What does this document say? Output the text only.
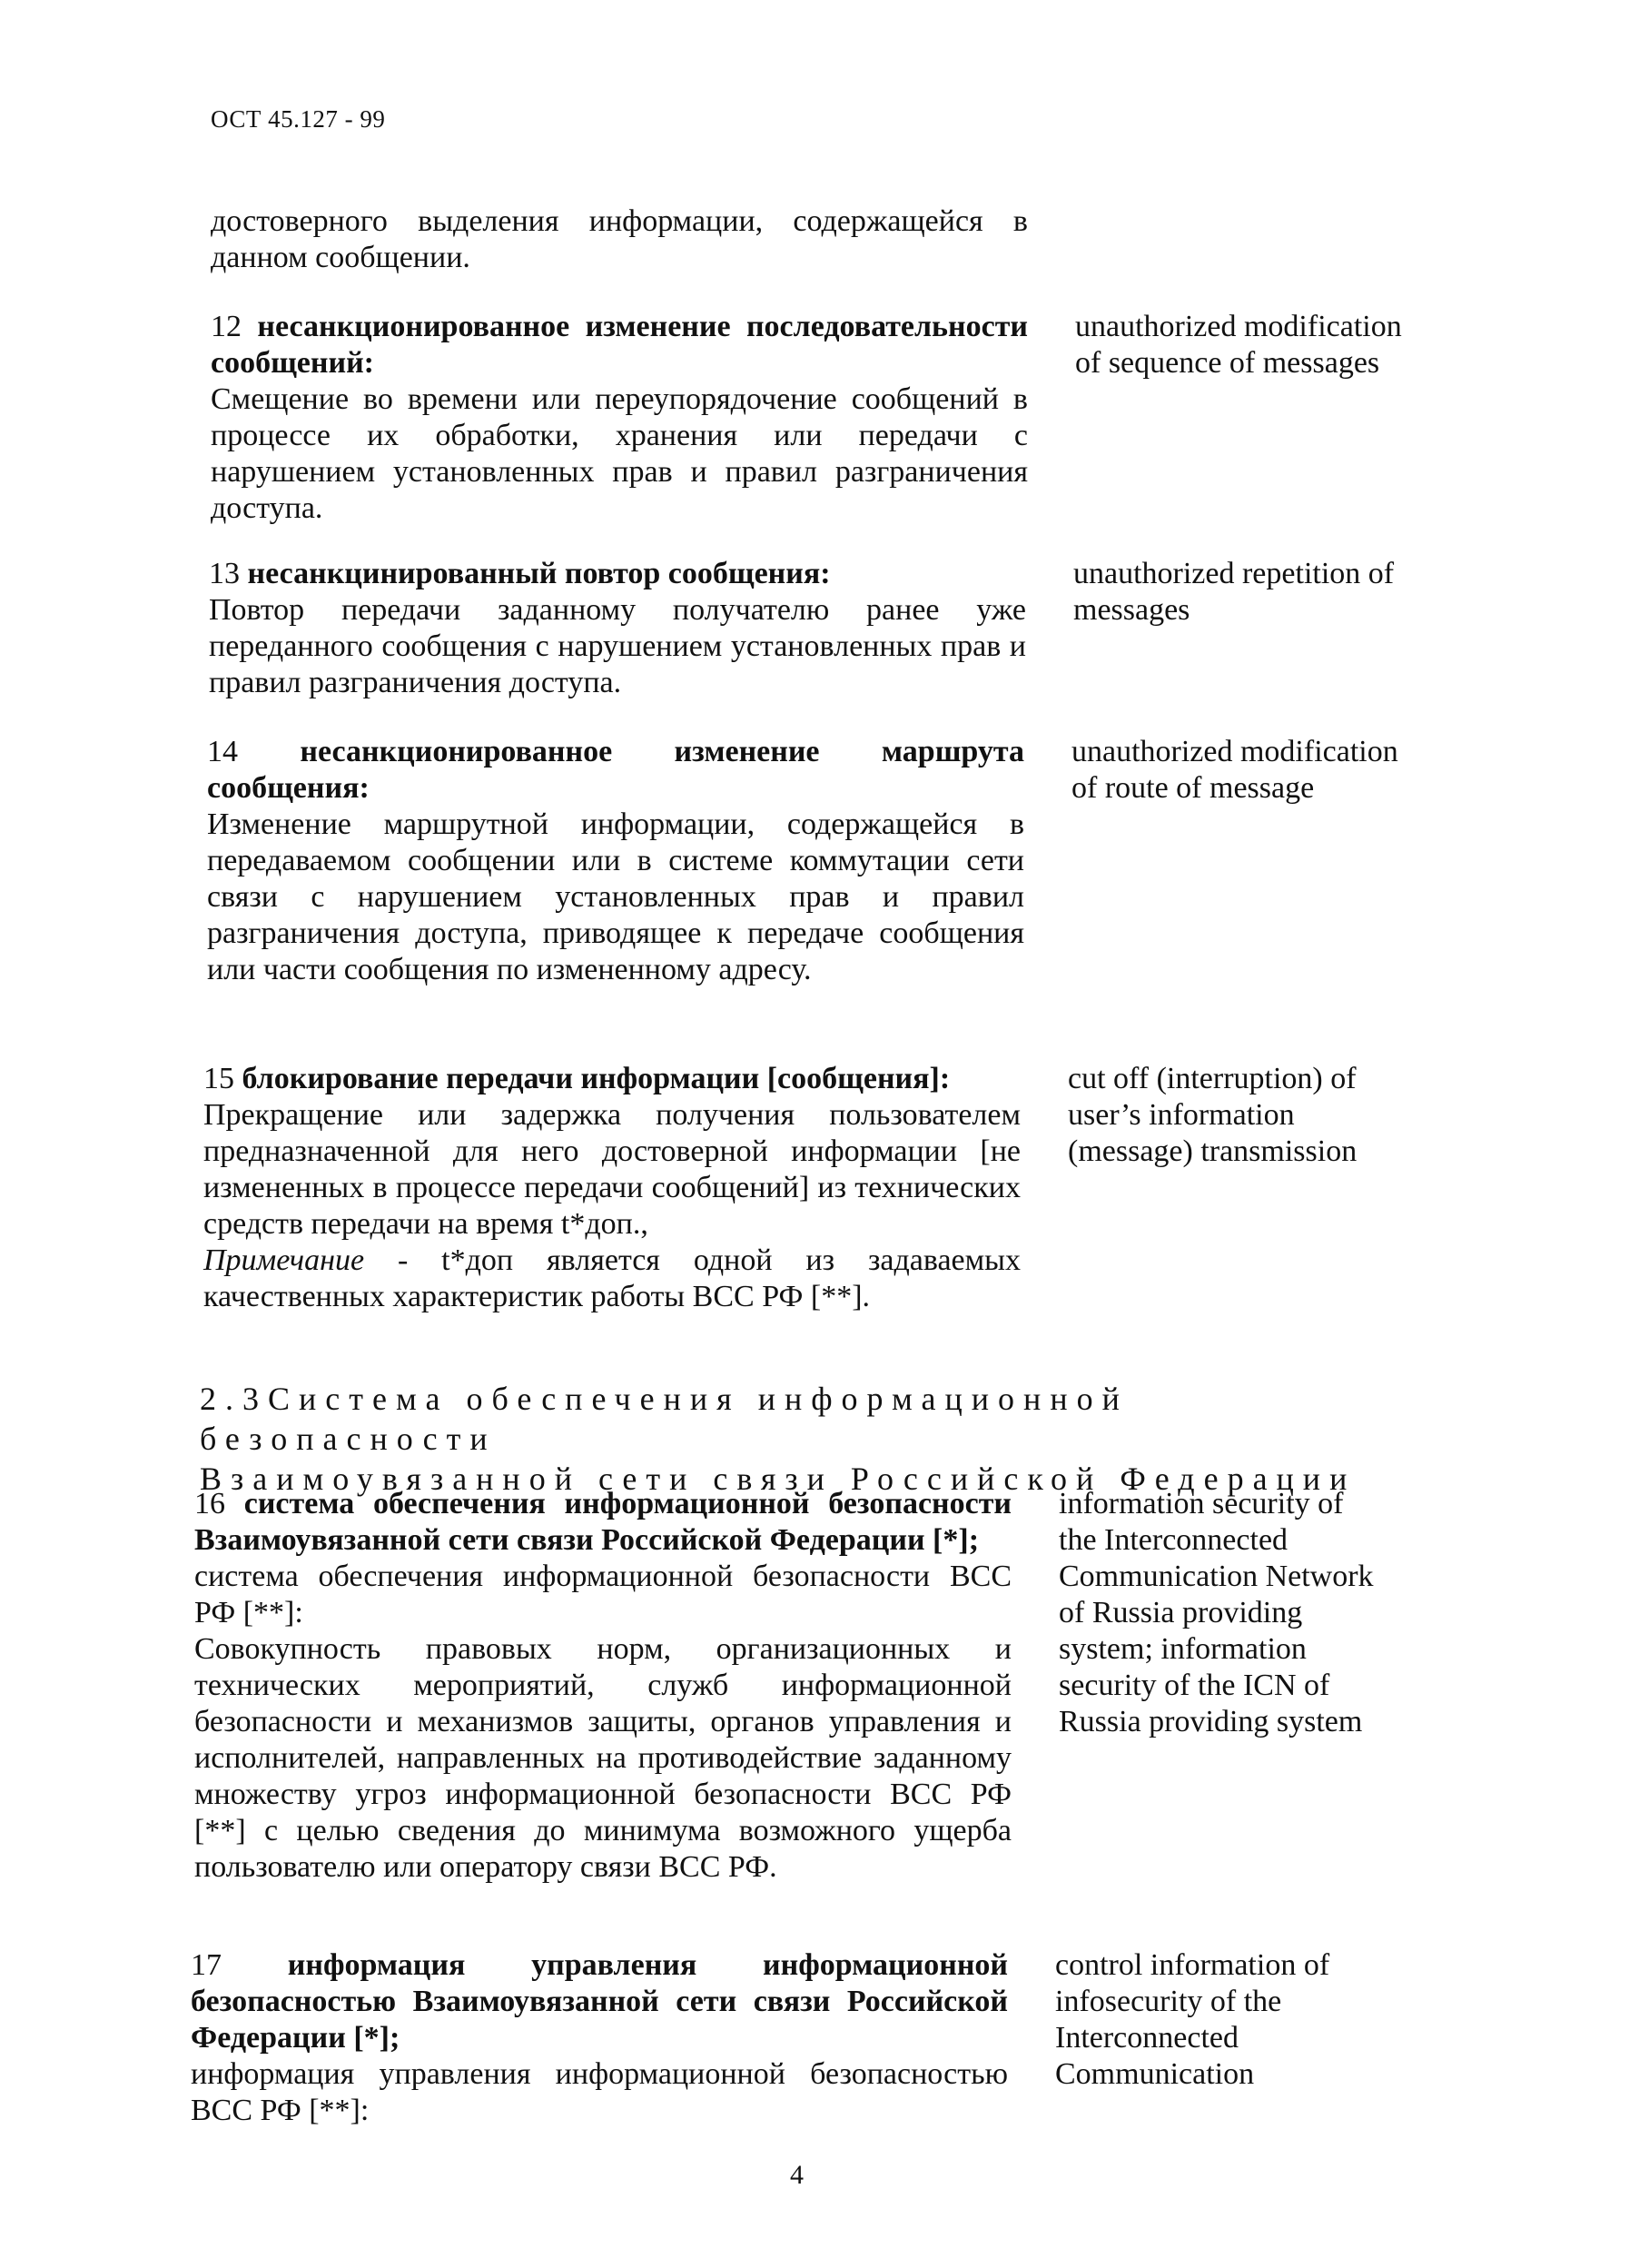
ОСТ 45.127 - 99
достоверного выделения информации, содержащейся в данном сообщении.
12 несанкционированное изменение последовательности сообщений:
Смещение во времени или переупорядочение сообщений в процессе их обработки, хранения или передачи с нарушением установленных прав и правил разграничения доступа.
unauthorized modification of sequence of messages
13 несанкцинированный повтор сообщения:
Повтор передачи заданному получателю ранее уже переданного сообщения с нарушением установленных прав и правил разграничения доступа.
unauthorized repetition of messages
14 несанкционированное изменение маршрута сообщения:
Изменение маршрутной информации, содержащейся в передаваемом сообщении или в системе коммутации сети связи с нарушением установленных прав и правил разграничения доступа, приводящее к передаче сообщения или части сообщения по измененному адресу.
unauthorized modification of route of message
15 блокирование передачи информации [сообщения]:
Прекращение или задержка получения пользователем предназначенной для него достоверной информации [не измененных в процессе передачи сообщений] из технических средств передачи на время t*доп.,
Примечание - t*доп является одной из задаваемых качественных характеристик работы ВСС РФ [**].
cut off (interruption) of user’s information (message) transmission
2.3Система обеспечения информационной безопасности
Взаимоувязанной сети связи Российской Федерации
16 система обеспечения информационной безопасности Взаимоувязанной сети связи Российской Федерации [*];
система обеспечения информационной безопасности ВСС РФ [**]:
Совокупность правовых норм, организационных и технических мероприятий, служб информационной безопасности и механизмов защиты, органов управления и исполнителей, направленных на противодействие заданному множеству угроз информационной безопасности ВСС РФ [**] с целью сведения до минимума возможного ущерба пользователю или оператору связи ВСС РФ.
information security of the Interconnected Communication Network of Russia providing system; information security of the ICN of Russia providing system
17 информация управления информационной безопасностью Взаимоувязанной сети связи Российской Федерации [*];
информация управления информационной безопасностью ВСС РФ [**]:
control information of infosecurity of the Interconnected Communication
4
